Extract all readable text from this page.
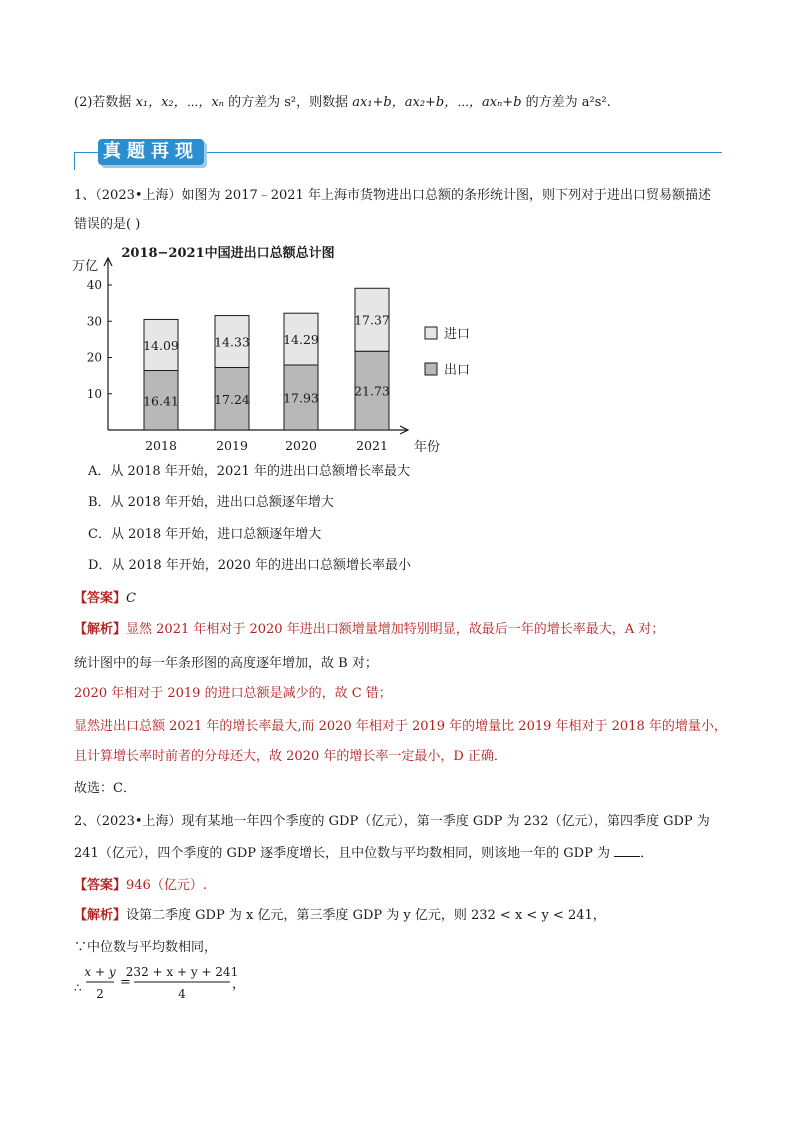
(2)若数据 x₁，x₂，⋯，xₙ 的方差为 s²，则数据 ax₁+b，ax₂+b，⋯，axₙ+b 的方差为 a²s².
真题再现
1、（2023•上海）如图为 2017﹣2021 年上海市货物进出口总额的条形统计图，则下列对于进出口贸易额描述
错误的是( )
2018−2021中国进出口总额总计图
万亿
年份
10
20
30
40
16.41
14.09
2018
17.24
14.33
2019
17.93
14.29
2020
21.73
17.37
2021
进口
出口
A．从 2018 年开始，2021 年的进出口总额增长率最大
B．从 2018 年开始，进出口总额逐年增大
C．从 2018 年开始，进口总额逐年增大
D．从 2018 年开始，2020 年的进出口总额增长率最小
【答案】C
【解析】显然 2021 年相对于 2020 年进出口额增量增加特别明显，故最后一年的增长率最大，A 对；
统计图中的每一年条形图的高度逐年增加，故 B 对；
2020 年相对于 2019 的进口总额是减少的，故 C 错；
显然进出口总额 2021 年的增长率最大,而 2020 年相对于 2019 年的增量比 2019 年相对于 2018 年的增量小，
且计算增长率时前者的分母还大，故 2020 年的增长率一定最小，D 正确．
故选：C．
2、（2023•上海）现有某地一年四个季度的 GDP（亿元），第一季度 GDP 为 232（亿元），第四季度 GDP 为
241（亿元），四个季度的 GDP 逐季度增长，且中位数与平均数相同，则该地一年的 GDP 为 ．
【答案】946（亿元）.
【解析】设第二季度 GDP 为 x 亿元，第三季度 GDP 为 y 亿元，则 232 < x < y < 241，
∵中位数与平均数相同，
∴
x + y
2
=
232 + x + y + 241
4
，
